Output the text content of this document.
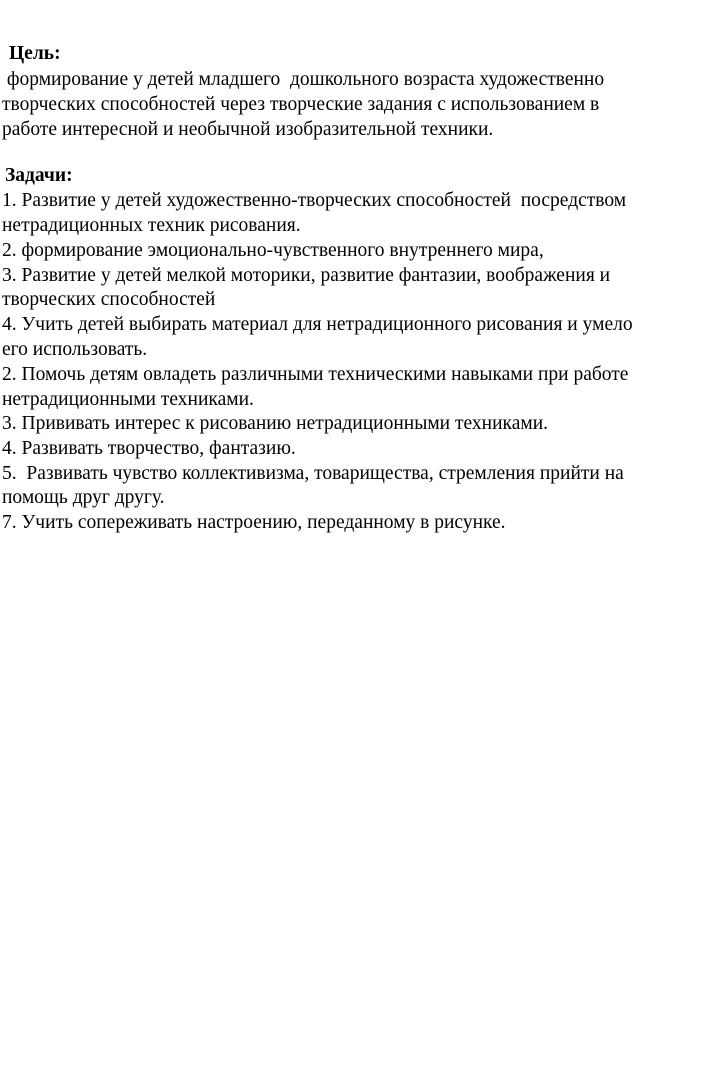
Цель:
формирование у детей младшего  дошкольного возраста художественно
творческих способностей через творческие задания с использованием в
работе интересной и необычной изобразительной техники.
Задачи:
1. Развитие у детей художественно-творческих способностей  посредством
нетрадиционных техник рисования.
2. формирование эмоционально-чувственного внутреннего мира,
3. Развитие у детей мелкой моторики, развитие фантазии, воображения и
творческих способностей
4. Учить детей выбирать материал для нетрадиционного рисования и умело
его использовать.
2. Помочь детям овладеть различными техническими навыками при работе
нетрадиционными техниками.
3. Прививать интерес к рисованию нетрадиционными техниками.
4. Развивать творчество, фантазию.
5.  Развивать чувство коллективизма, товарищества, стремления прийти на
помощь друг другу.
7. Учить сопереживать настроению, переданному в рисунке.
